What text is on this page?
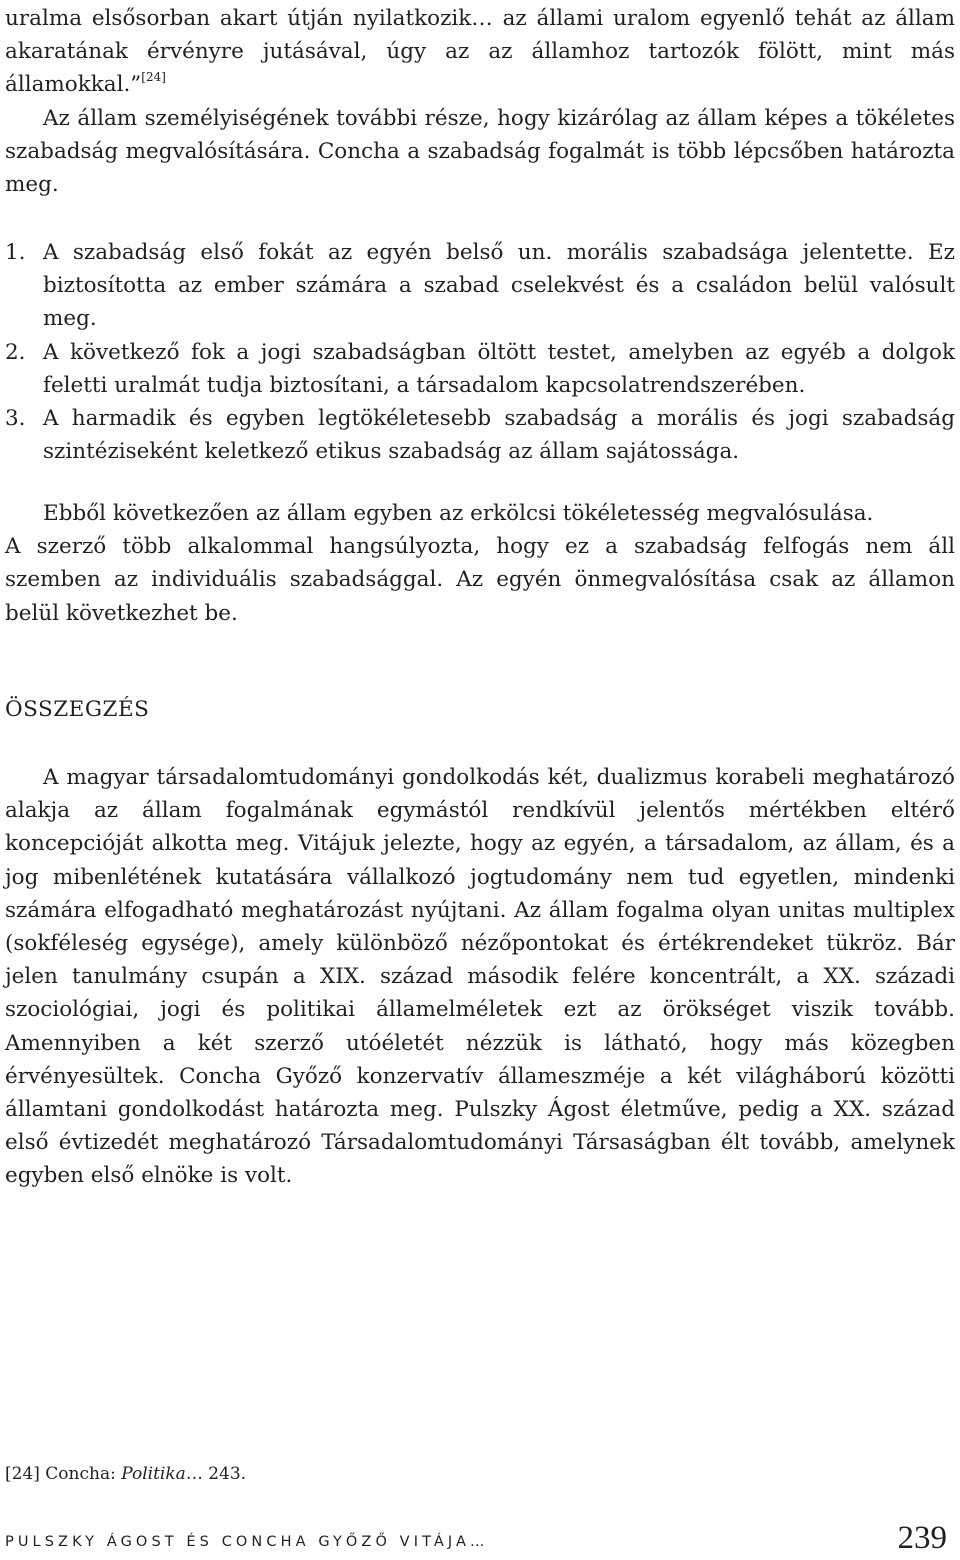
uralma elsősorban akart útján nyilatkozik… az állami uralom egyenlő tehát az állam akaratának érvényre jutásával, úgy az az államhoz tartozók fölött, mint más államokkal.”[24]

Az állam személyiségének további része, hogy kizárólag az állam képes a tökéletes szabadság megvalósítására. Concha a szabadság fogalmát is több lépcsőben határozta meg.

1. A szabadság első fokát az egyén belső un. morális szabadsága jelentette. Ez biztosította az ember számára a szabad cselekvést és a családon belül valósult meg.
2. A következő fok a jogi szabadságban öltött testet, amelyben az egyéb a dolgok feletti uralmát tudja biztosítani, a társadalom kapcsolatrendszerében.
3. A harmadik és egyben legtökéletesebb szabadság a morális és jogi szabadság szintéziseként keletkező etikus szabadság az állam sajátossága.

Ebből következően az állam egyben az erkölcsi tökéletesség megvalósulása.

A szerző több alkalommal hangsúlyozta, hogy ez a szabadság felfogás nem áll szemben az individuális szabadsággal. Az egyén önmegvalósítása csak az államon belül következhet be.

ÖSSZEGZÉS

A magyar társadalomtudományi gondolkodás két, dualizmus korabeli meghatározó alakja az állam fogalmának egymástól rendkívül jelentős mértékben eltérő koncepcióját alkotta meg. Vitájuk jelezte, hogy az egyén, a társadalom, az állam, és a jog mibenlétének kutatására vállalkozó jogtudomány nem tud egyetlen, mindenki számára elfogadható meghatározást nyújtani. Az állam fogalma olyan unitas multiplex (sokféleség egysége), amely különböző nézőpontokat és értékrendeket tükröz. Bár jelen tanulmány csupán a XIX. század második felére koncentrált, a XX. századi szociológiai, jogi és politikai államelméletek ezt az örökséget viszik tovább. Amennyiben a két szerző utóéletét nézzük is látható, hogy más közegben érvényesültek. Concha Győző konzervatív állameszméje a két világháború közötti államtani gondolkodást határozta meg. Pulszky Ágost életműve, pedig a XX. század első évtizedét meghatározó Társadalomtudományi Társaságban élt tovább, amelynek egyben első elnöke is volt.

[24] Concha: Politika… 243.
PULSZKY ÁGOST ÉS CONCHA GYŐZŐ VITÁJA…	239
